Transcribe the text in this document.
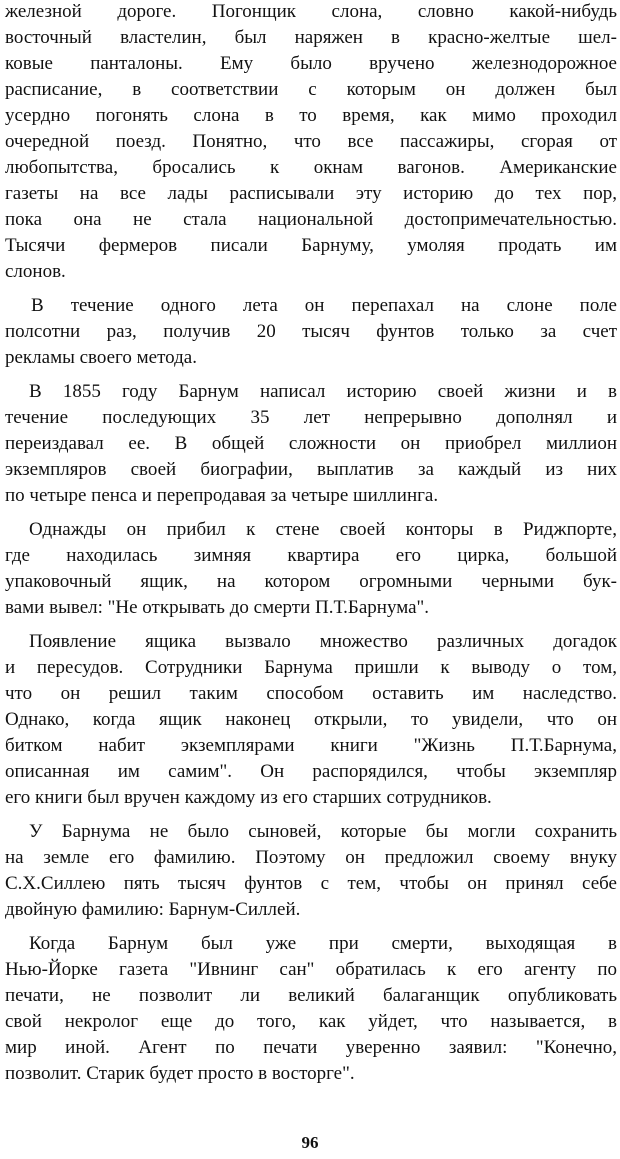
железной дороге. Погонщик слона, словно какой-нибудь
восточный властелин, был наряжен в красно-желтые шел-
ковые панталоны. Ему было вручено железнодорожное
расписание, в соответствии с которым он должен был
усердно погонять слона в то время, как мимо проходил
очередной поезд. Понятно, что все пассажиры, сгорая от
любопытства, бросались к окнам вагонов. Американские
газеты на все лады расписывали эту историю до тех пор,
пока она не стала национальной достопримечательностью.
Тысячи фермеров писали Барнуму, умоляя продать им
слонов.
В течение одного лета он перепахал на слоне поле
полсотни раз, получив 20 тысяч фунтов только за счет
рекламы своего метода.
В 1855 году Барнум написал историю своей жизни и в
течение последующих 35 лет непрерывно дополнял и
переиздавал ее. В общей сложности он приобрел миллион
экземпляров своей биографии, выплатив за каждый из них
по четыре пенса и перепродавая за четыре шиллинга.
Однажды он прибил к стене своей конторы в Риджпорте,
где находилась зимняя квартира его цирка, большой
упаковочный ящик, на котором огромными черными бук-
вами вывел: "Не открывать до смерти П.Т.Барнума".
Появление ящика вызвало множество различных догадок
и пересудов. Сотрудники Барнума пришли к выводу о том,
что он решил таким способом оставить им наследство.
Однако, когда ящик наконец открыли, то увидели, что он
битком набит экземплярами книги "Жизнь П.Т.Барнума,
описанная им самим". Он распорядился, чтобы экземпляр
его книги был вручен каждому из его старших сотрудников.
У Барнума не было сыновей, которые бы могли сохранить
на земле его фамилию. Поэтому он предложил своему внуку
С.Х.Силлею пять тысяч фунтов с тем, чтобы он принял себе
двойную фамилию: Барнум-Силлей.
Когда Барнум был уже при смерти, выходящая в
Нью-Йорке газета "Ивнинг сан" обратилась к его агенту по
печати, не позволит ли великий балаганщик опубликовать
свой некролог еще до того, как уйдет, что называется, в
мир иной. Агент по печати уверенно заявил: "Конечно,
позволит. Старик будет просто в восторге".
96
